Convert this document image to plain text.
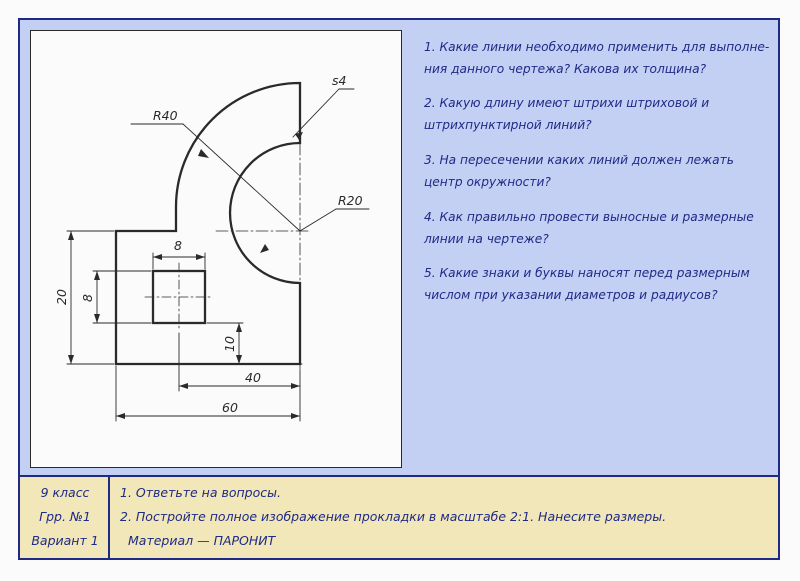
s4
R40
R20
8
8
20
10
40
60
1. Какие линии необходимо применить для выполне-
ния данного чертежа? Какова их толщина?
2. Какую длину имеют штрихи штриховой и
штрихпунктирной линий?
3. На пересечении каких линий должен лежать
центр окружности?
4. Как правильно провести выносные и размерные
линии на чертеже?
5. Какие знаки и буквы наносят перед размерным
числом при указании диаметров и радиусов?
9 класс
Грр. №1
Вариант 1
1. Ответьте на вопросы.
2. Постройте полное изображение прокладки в масштабе 2:1. Нанесите размеры.
Материал — ПАРОНИТ
